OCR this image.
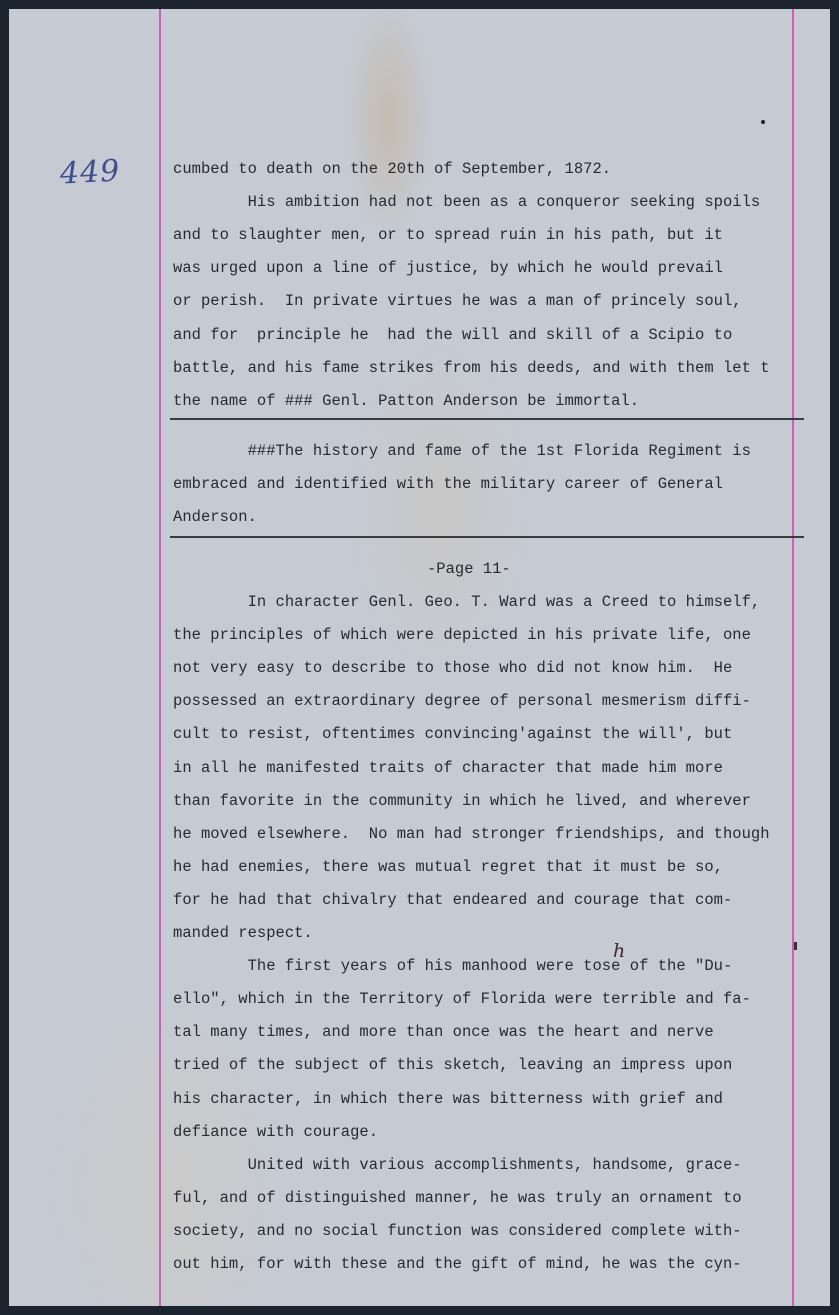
449	cumbed to death on the 20th of September, 1872.
His ambition had not been as a conqueror seeking spoils
and to slaughter men, or to spread ruin in his path, but it
was urged upon a line of justice, by which he would prevail
or perish.  In private virtues he was a man of princely soul,
and for  principle he  had the will and skill of a Scipio to
battle, and his fame strikes from his deeds, and with them let t
the name of ### Genl. Patton Anderson be immortal.
###The history and fame of the 1st Florida Regiment is
embraced and identified with the military career of General
Anderson.
-Page 11-
In character Genl. Geo. T. Ward was a Creed to himself,
the principles of which were depicted in his private life, one
not very easy to describe to those who did not know him.  He
possessed an extraordinary degree of personal mesmerism diffi-
cult to resist, oftentimes convincing'against the will', but
in all he manifested traits of character that made him more
than favorite in the community in which he lived, and wherever
he moved elsewhere.  No man had stronger friendships, and though
he had enemies, there was mutual regret that it must be so,
for he had that chivalry that endeared and courage that com-
manded respect.
The first years of his manhood were tose of the "Du-
ello", which in the Territory of Florida were terrible and fa-
tal many times, and more than once was the heart and nerve
tried of the subject of this sketch, leaving an impress upon
his character, in which there was bitterness with grief and
defiance with courage.
United with various accomplishments, handsome, grace-
ful, and of distinguished manner, he was truly an ornament to
society, and no social function was considered complete with-
out him, for with these and the gift of mind, he was the cyn-
h
